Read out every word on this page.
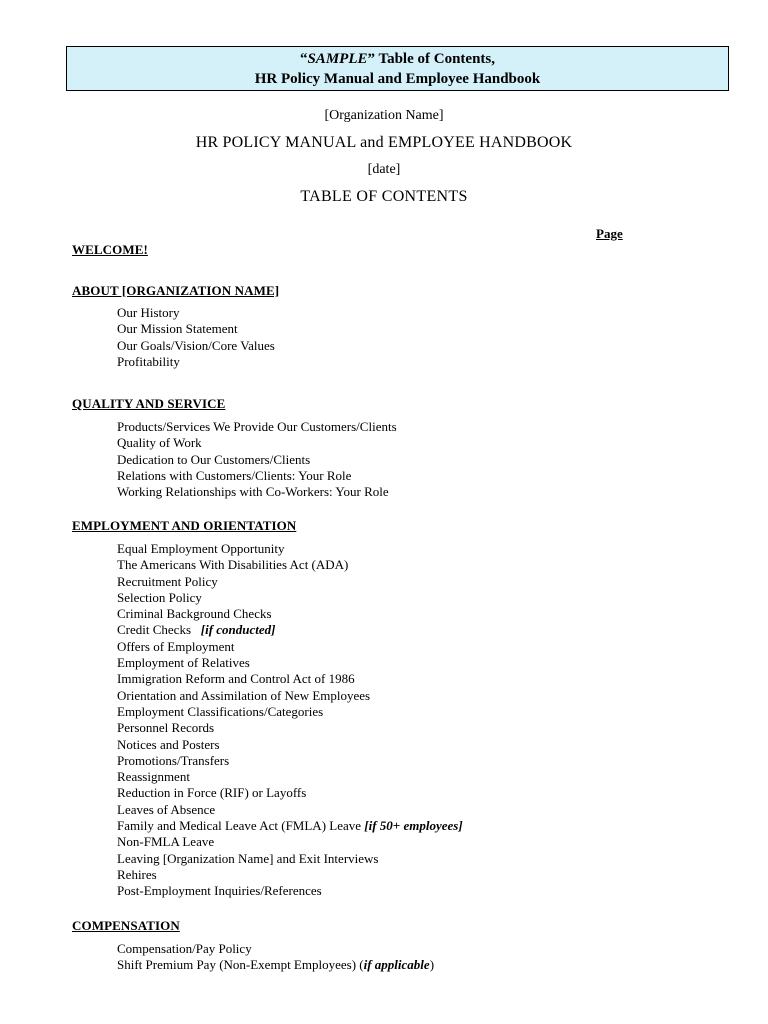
“SAMPLE” Table of Contents,
HR Policy Manual and Employee Handbook
[Organization Name]
HR POLICY MANUAL and EMPLOYEE HANDBOOK
[date]
TABLE OF CONTENTS
Page
WELCOME!
ABOUT [ORGANIZATION NAME]
Our History
Our Mission Statement
Our Goals/Vision/Core Values
Profitability
QUALITY AND SERVICE
Products/Services We Provide Our Customers/Clients
Quality of Work
Dedication to Our Customers/Clients
Relations with Customers/Clients: Your Role
Working Relationships with Co-Workers: Your Role
EMPLOYMENT AND ORIENTATION
Equal Employment Opportunity
The Americans With Disabilities Act (ADA)
Recruitment Policy
Selection Policy
Criminal Background Checks
Credit Checks [if conducted]
Offers of Employment
Employment of Relatives
Immigration Reform and Control Act of 1986
Orientation and Assimilation of New Employees
Employment Classifications/Categories
Personnel Records
Notices and Posters
Promotions/Transfers
Reassignment
Reduction in Force (RIF) or Layoffs
Leaves of Absence
Family and Medical Leave Act (FMLA) Leave [if 50+ employees]
Non-FMLA Leave
Leaving [Organization Name] and Exit Interviews
Rehires
Post-Employment Inquiries/References
COMPENSATION
Compensation/Pay Policy
Shift Premium Pay (Non-Exempt Employees) (if applicable)
